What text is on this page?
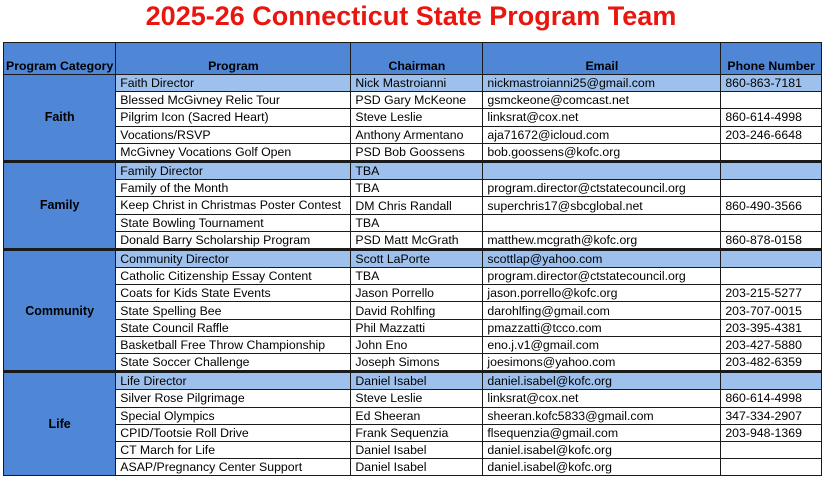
2025-26 Connecticut State Program Team
Program Category	Program	Chairman	Email	Phone Number
Faith	Faith Director	Nick Mastroianni	nickmastroianni25@gmail.com	860-863-7181
	Blessed McGivney Relic Tour	PSD Gary McKeone	gsmckeone@comcast.net	
	Pilgrim Icon (Sacred Heart)	Steve Leslie	linksrat@cox.net	860-614-4998
	Vocations/RSVP	Anthony Armentano	aja71672@icloud.com	203-246-6648
	McGivney Vocations Golf Open	PSD Bob Goossens	bob.goossens@kofc.org	
Family	Family Director	TBA		
	Family of the Month	TBA	program.director@ctstatecouncil.org	
	Keep Christ in Christmas Poster Contest	DM Chris Randall	superchris17@sbcglobal.net	860-490-3566
	State Bowling Tournament	TBA		
	Donald Barry Scholarship Program	PSD Matt McGrath	matthew.mcgrath@kofc.org	860-878-0158
Community	Community Director	Scott LaPorte	scottlap@yahoo.com	
	Catholic Citizenship Essay Content	TBA	program.director@ctstatecouncil.org	
	Coats for Kids State Events	Jason Porrello	jason.porrello@kofc.org	203-215-5277
	State Spelling Bee	David Rohlfing	darohlfing@gmail.com	203-707-0015
	State Council Raffle	Phil Mazzatti	pmazzatti@tcco.com	203-395-4381
	Basketball Free Throw Championship	John Eno	eno.j.v1@gmail.com	203-427-5880
	State Soccer Challenge	Joseph Simons	joesimons@yahoo.com	203-482-6359
Life	Life Director	Daniel Isabel	daniel.isabel@kofc.org	
	Silver Rose Pilgrimage	Steve Leslie	linksrat@cox.net	860-614-4998
	Special Olympics	Ed Sheeran	sheeran.kofc5833@gmail.com	347-334-2907
	CPID/Tootsie Roll Drive	Frank Sequenzia	flsequenzia@gmail.com	203-948-1369
	CT March for Life	Daniel Isabel	daniel.isabel@kofc.org	
	ASAP/Pregnancy Center Support	Daniel Isabel	daniel.isabel@kofc.org	
